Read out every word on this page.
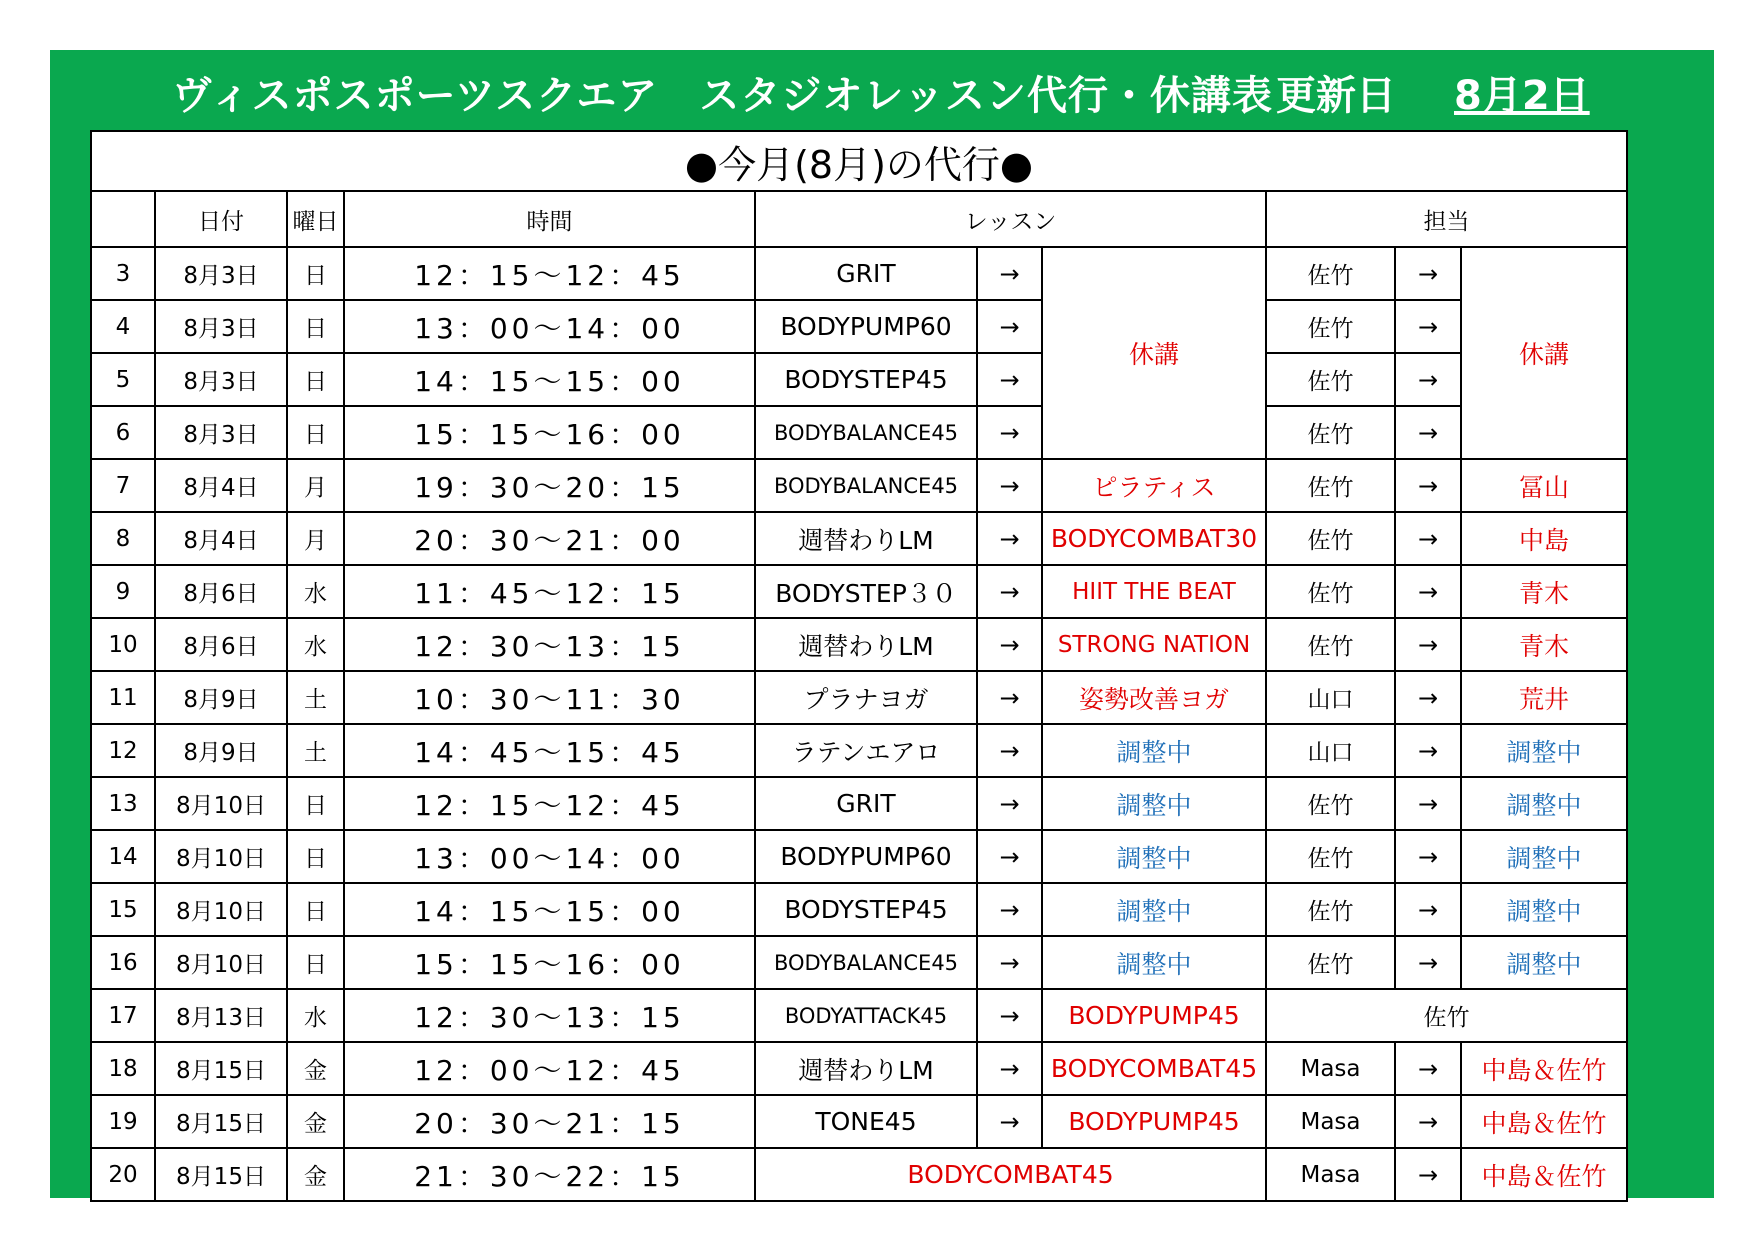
ヴィスポスポーツスクエア　スタジオレッスン代行・休講表 更新日 8月2日
●今月(8月)の代行●									
	日付	曜日	時間	レッスン			担当		
3	8月3日	日	12：15～12：45	GRIT	→	休講	佐竹	→	休講
4	8月3日	日	13：00～14：00	BODYPUMP60	→		佐竹	→	
5	8月3日	日	14：15～15：00	BODYSTEP45	→		佐竹	→	
6	8月3日	日	15：15～16：00	BODYBALANCE45	→		佐竹	→	
7	8月4日	月	19：30～20：15	BODYBALANCE45	→	ピラティス	佐竹	→	冨山
8	8月4日	月	20：30～21：00	週替わりLM	→	BODYCOMBAT30	佐竹	→	中島
9	8月6日	水	11：45～12：15	BODYSTEP３０	→	HIIT THE BEAT	佐竹	→	青木
10	8月6日	水	12：30～13：15	週替わりLM	→	STRONG NATION	佐竹	→	青木
11	8月9日	土	10：30～11：30	プラナヨガ	→	姿勢改善ヨガ	山口	→	荒井
12	8月9日	土	14：45～15：45	ラテンエアロ	→	調整中	山口	→	調整中
13	8月10日	日	12：15～12：45	GRIT	→	調整中	佐竹	→	調整中
14	8月10日	日	13：00～14：00	BODYPUMP60	→	調整中	佐竹	→	調整中
15	8月10日	日	14：15～15：00	BODYSTEP45	→	調整中	佐竹	→	調整中
16	8月10日	日	15：15～16：00	BODYBALANCE45	→	調整中	佐竹	→	調整中
17	8月13日	水	12：30～13：15	BODYATTACK45	→	BODYPUMP45	佐竹		
18	8月15日	金	12：00～12：45	週替わりLM	→	BODYCOMBAT45	Masa	→	中島＆佐竹
19	8月15日	金	20：30～21：15	TONE45	→	BODYPUMP45	Masa	→	中島＆佐竹
20	8月15日	金	21：30～22：15	BODYCOMBAT45			Masa	→	中島＆佐竹
